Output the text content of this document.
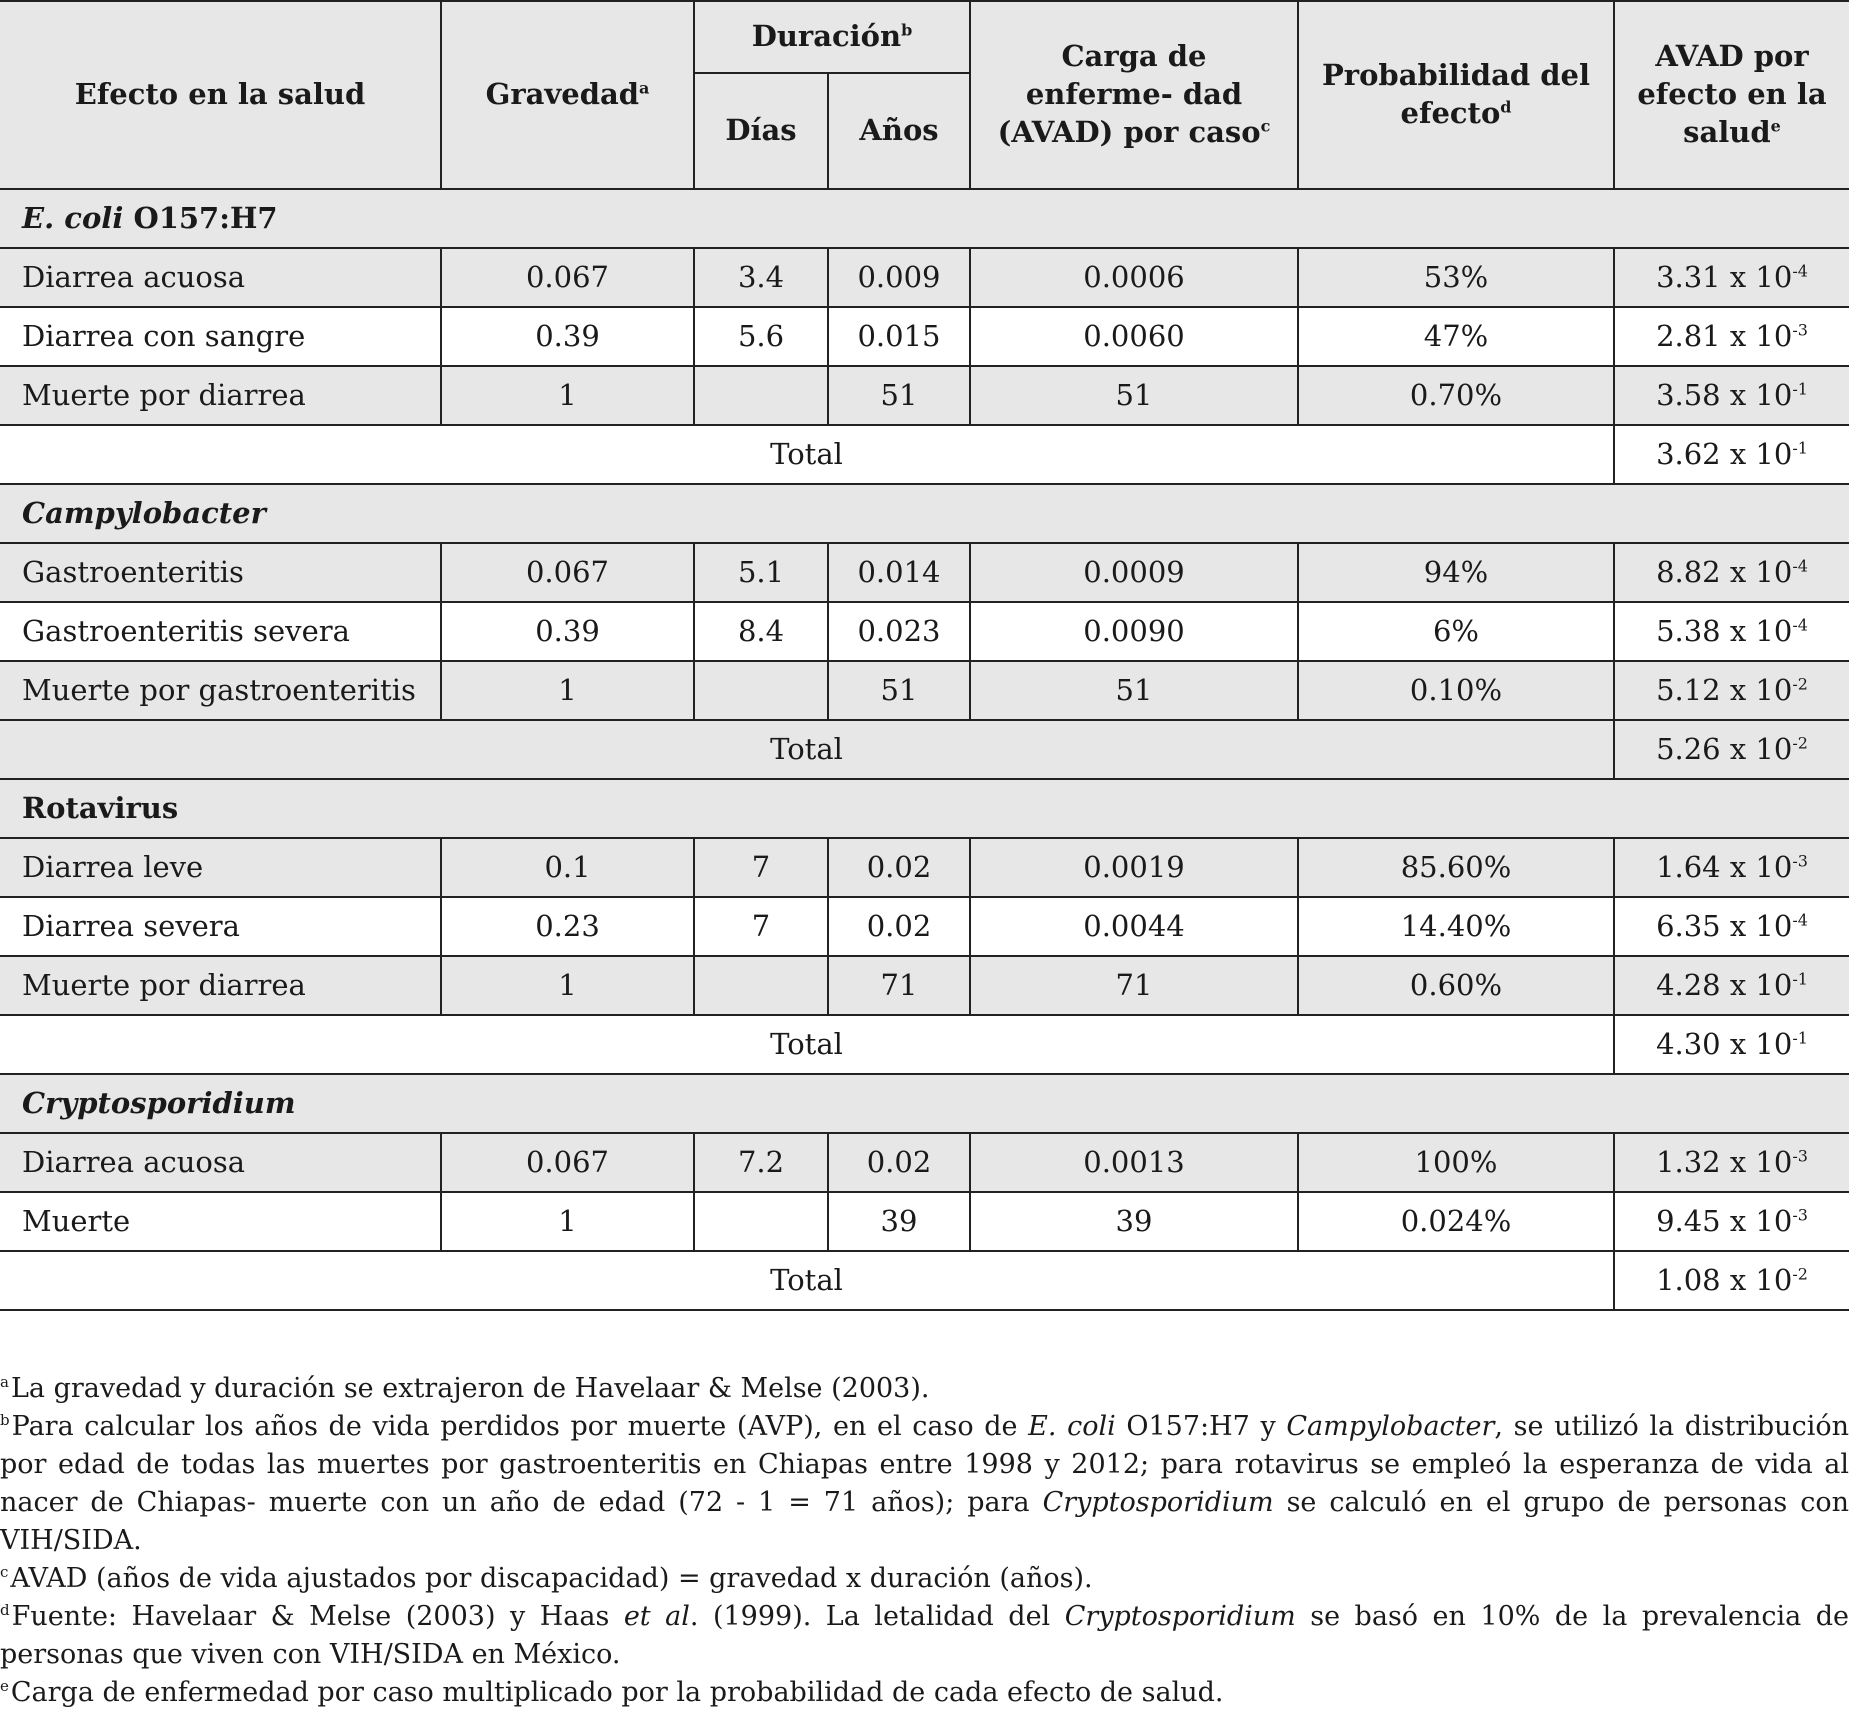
Efecto en la salud	Gravedad$^a$	Duración$^b$		Carga de enferme- dad (AVAD) por caso$^c$	Probabilidad del efecto$^d$	AVAD por efecto en la salud$^e$
		Días	Años			
E. coli O157:H7						
Diarrea acuosa	0.067	3.4	0.009	0.0006	53%	3.31 x $10^{-4}$
Diarrea con sangre	0.39	5.6	0.015	0.0060	47%	2.81 x $10^{-3}$
Muerte por diarrea	1		51	51	0.70%	3.58 x $10^{-1}$
Total						3.62 x $10^{-1}$
Campylobacter						
Gastroenteritis	0.067	5.1	0.014	0.0009	94%	8.82 x $10^{-4}$
Gastroenteritis severa	0.39	8.4	0.023	0.0090	6%	5.38 x $10^{-4}$
Muerte por gastroenteritis	1		51	51	0.10%	5.12 x $10^{-2}$
Total						5.26 x $10^{-2}$
Rotavirus						
Diarrea leve	0.1	7	0.02	0.0019	85.60%	1.64 x $10^{-3}$
Diarrea severa	0.23	7	0.02	0.0044	14.40%	6.35 x $10^{-4}$
Muerte por diarrea	1		71	71	0.60%	4.28 x $10^{-1}$
Total						4.30 x $10^{-1}$
Cryptosporidium						
Diarrea acuosa	0.067	7.2	0.02	0.0013	100%	1.32 x $10^{-3}$
Muerte	1		39	39	0.024%	9.45 x $10^{-3}$
Total						1.08 x $10^{-2}$

$^a$La gravedad y duración se extrajeron de Havelaar & Melse (2003).

$^b$Para calcular los años de vida perdidos por muerte (AVP), en el caso de E. coli O157:H7 y Campylobacter, se utilizó la distribución por edad de todas las muertes por gastroenteritis en Chiapas entre 1998 y 2012; para rotavirus se empleó la esperanza de vida al nacer de Chiapas- muerte con un año de edad (72 - 1 = 71 años); para Cryptosporidium se calculó en el grupo de personas con VIH/SIDA.

$^c$AVAD (años de vida ajustados por discapacidad) = gravedad x duración (años).

$^d$Fuente: Havelaar & Melse (2003) y Haas et al. (1999). La letalidad del Cryptosporidium se basó en 10% de la prevalencia de personas que viven con VIH/SIDA en México.

$^e$Carga de enfermedad por caso multiplicado por la probabilidad de cada efecto de salud.
